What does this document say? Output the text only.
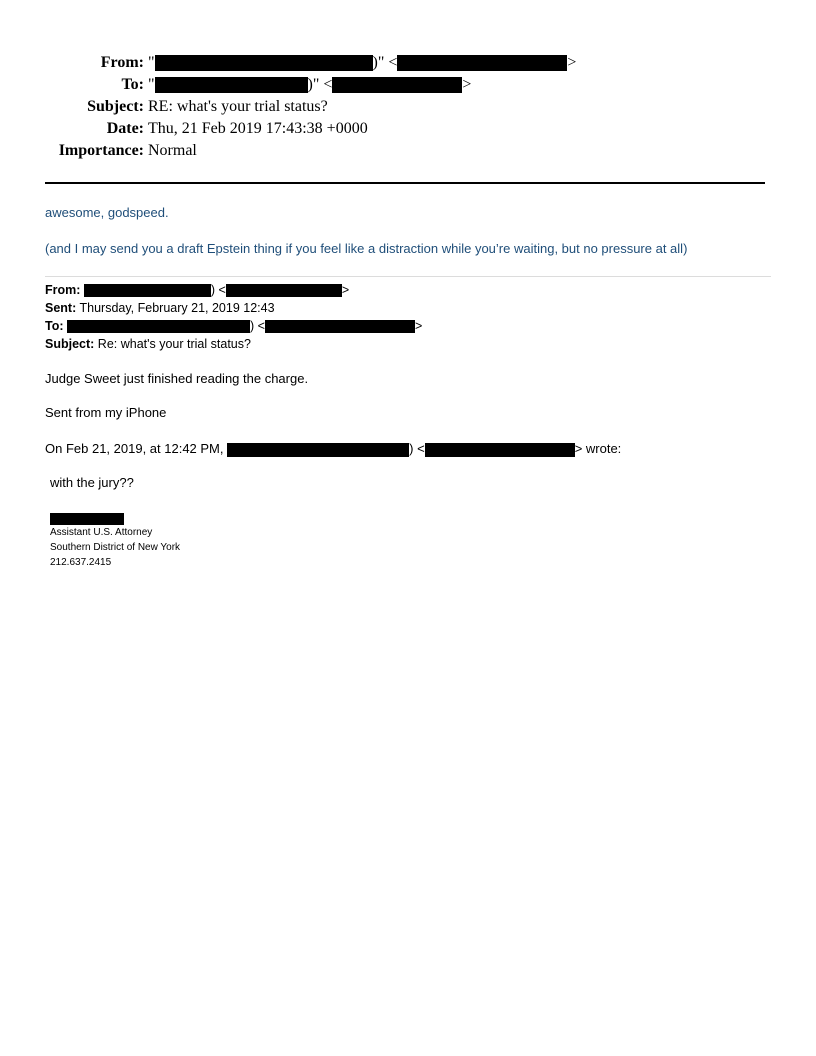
From: "	)" <	>
To: "	)" <	>
Subject: RE: what's your trial status?
Date: Thu, 21 Feb 2019 17:43:38 +0000
Importance: Normal
awesome, godspeed.
(and I may send you a draft Epstein thing if you feel like a distraction while you’re waiting, but no pressure at all)
From:	) <	>
Sent: Thursday, February 21, 2019 12:43
To:	) <	>
Subject: Re: what's your trial status?
Judge Sweet just finished reading the charge.
Sent from my iPhone
On Feb 21, 2019, at 12:42 PM,	) <	> wrote:
with the jury??
Assistant U.S. Attorney
Southern District of New York
212.637.2415
